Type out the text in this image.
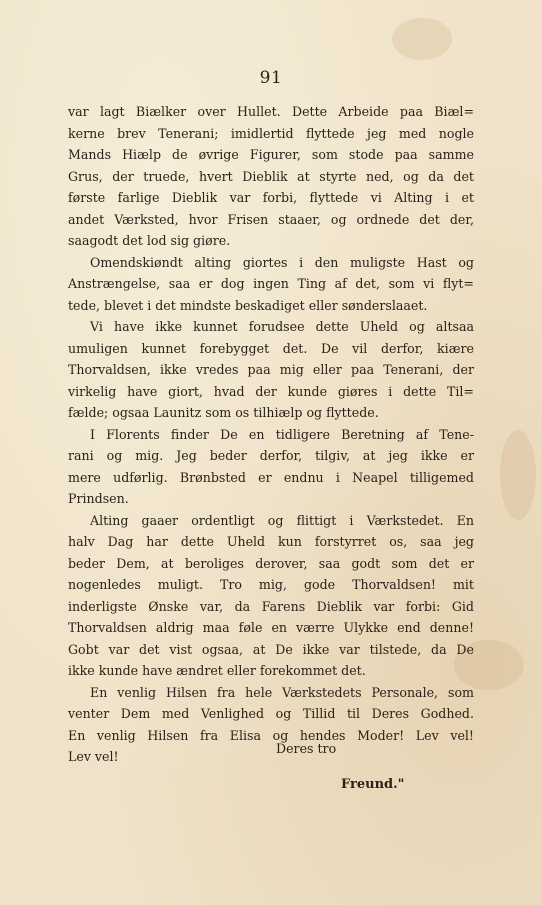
91
var lagt Biælker over Hullet. Dette Arbeide paa Biæl=
kerne brev Tenerani; imidlertid flyttede jeg med nogle
Mands Hiælp de øvrige Figurer, som stode paa samme
Grus, der truede, hvert Dieblik at styrte ned, og da det
første farlige Dieblik var forbi, flyttede vi Alting i et
andet Værksted, hvor Frisen staaer, og ordnede det der,
saagodt det lod sig giøre.
Omendskiøndt alting giortes i den muligste Hast og
Anstrængelse, saa er dog ingen Ting af det, som vi flyt=
tede, blevet i det mindste beskadiget eller sønderslaaet.
Vi have ikke kunnet forudsee dette Uheld og altsaa
umuligen kunnet forebygget det. De vil derfor, kiære
Thorvaldsen, ikke vredes paa mig eller paa Tenerani, der
virkelig have giort, hvad der kunde giøres i dette Til=
fælde; ogsaa Launitz som os tilhiælp og flyttede.
I Florents finder De en tidligere Beretning af Tene-
rani og mig. Jeg beder derfor, tilgiv, at jeg ikke er
mere udførlig. Brønbsted er endnu i Neapel tilligemed
Prindsen.
Alting gaaer ordentligt og flittigt i Værkstedet. En
halv Dag har dette Uheld kun forstyrret os, saa jeg
beder Dem, at beroliges derover, saa godt som det er
nogenledes muligt. Tro mig, gode Thorvaldsen! mit
inderligste Ønske var, da Farens Dieblik var forbi: Gid
Thorvaldsen aldrig maa føle en værre Ulykke end denne!
Gobt var det vist ogsaa, at De ikke var tilstede, da De
ikke kunde have ændret eller forekommet det.
En venlig Hilsen fra hele Værkstedets Personale, som
venter Dem med Venlighed og Tillid til Deres Godhed.
En venlig Hilsen fra Elisa og hendes Moder! Lev vel!
Lev vel!
Deres tro
Freund."
